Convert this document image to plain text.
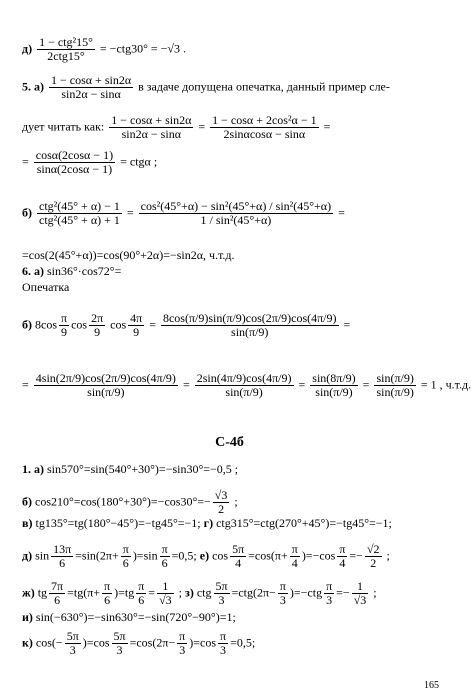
$д) \frac{\text{1 − ctg²15°}}{\text{2ctg15°}} = -ctg30^\circ = -√3$ .
5. $а) \frac{1 - \cos\alpha + \sin 2\alpha}{\sin 2\alpha - \sin\alpha}$ в задаче допущена опечатка, данный пример сле-
дует читать как: $\frac{1 - \cos\alpha + \sin 2\alpha}{\sin 2\alpha - \sin\alpha} = \frac{\text{1 − cosα + 2cos²α − 1}}{2\sin\alpha\cos\alpha - \sin\alpha}$ =
= $\frac{\cos\alpha(2\cos\alpha - 1)}{\sin\alpha(2\cos\alpha - 1)} = ctg\alpha$ ;
$б) \frac{\text{ctg²(45° + α) − 1}}{\text{ctg²(45° + α) + 1}} = \frac{\text{cos²(45°+α) − sin²(45°+α) / sin²(45°+α)}}{\text{1 / sin²(45°+α)}}$ =
=cos(2(45°+α))=cos(90°+2α)=−sin2α, ч.т.д.
6. а) sin36°·cos72°=
Опечатка
б) $8\cos \frac{\pi}{9}$ $\cos \frac{2\pi}{9}$ $\cos \frac{4\pi}{9} = \frac{8\cos(\pi/9)\sin(\pi/9)\cos(2\pi/9)\cos(4\pi/9)}{\sin(\pi/9)}$ =
= $\frac{4\sin(2\pi/9)\cos(2\pi/9)\cos(4\pi/9)}{\sin(\pi/9)} = \frac{2\sin(4\pi/9)\cos(4\pi/9)}{\sin(\pi/9)} = \frac{\sin(8\pi/9)}{\sin(\pi/9)} = \frac{\sin(\pi/9)}{\sin(\pi/9)} = 1$ , ч.т.д.
1. а) sin570°=sin(540°+30°)=−sin30°=−0,5 ;
б) $\cos 210^\circ=\cos(180^\circ+30^\circ)=-\cos 30^\circ=- \frac{√3}{2}$ ;
в) tg135°=tg(180°−45°)=−tg45°=−1; г) ctg315°=ctg(270°+45°)=−tg45°=−1;
д) $\sin \frac{13\pi}{6} =\sin(2\pi+ \frac{\pi}{6} )=\sin \frac{\pi}{6} =0,5$; е) $\cos \frac{5\pi}{4} =\cos(\pi+ \frac{\pi}{4} )=-\cos \frac{\pi}{4} =- \frac{√2}{2}$ ;
ж) tg $\frac{7\pi}{6} =tg(\pi+ \frac{\pi}{6} )=tg \frac{\pi}{6} = \frac{1}{√3}$ ; з) ctg $\frac{5\pi}{3} =ctg(2\pi- \frac{\pi}{3} )=-ctg \frac{\pi}{3} =- \frac{1}{√3}$ ;
и) sin(−630°)=−sin630°=−sin(720°−90°)=1;
к) $\cos(- \frac{5\pi}{3} )=\cos \frac{5\pi}{3} =\cos(2\pi- \frac{\pi}{3} )=\cos \frac{\pi}{3} =0,5$;
С-4б
165
